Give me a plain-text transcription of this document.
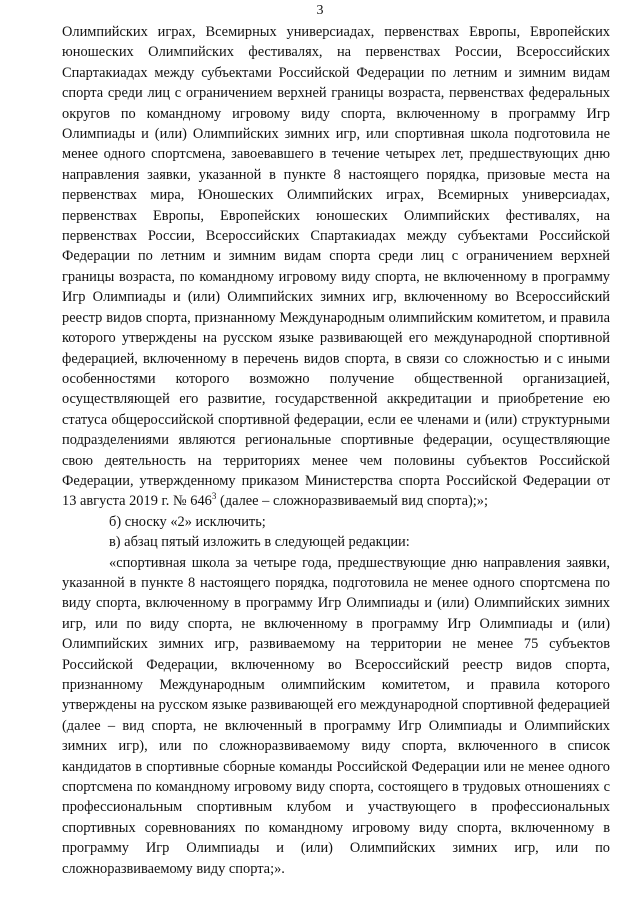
3

Олимпийских играх, Всемирных универсиадах, первенствах Европы, Европейских юношеских Олимпийских фестивалях, на первенствах России, Всероссийских Спартакиадах между субъектами Российской Федерации по летним и зимним видам спорта среди лиц с ограничением верхней границы возраста, первенствах федеральных округов по командному игровому виду спорта, включенному в программу Игр Олимпиады и (или) Олимпийских зимних игр, или спортивная школа подготовила не менее одного спортсмена, завоевавшего в течение четырех лет, предшествующих дню направления заявки, указанной в пункте 8 настоящего порядка, призовые места на первенствах мира, Юношеских Олимпийских играх, Всемирных универсиадах, первенствах Европы, Европейских юношеских Олимпийских фестивалях, на первенствах России, Всероссийских Спартакиадах между субъектами Российской Федерации по летним и зимним видам спорта среди лиц с ограничением верхней границы возраста, по командному игровому виду спорта, не включенному в программу Игр Олимпиады и (или) Олимпийских зимних игр, включенному во Всероссийский реестр видов спорта, признанному Международным олимпийским комитетом, и правила которого утверждены на русском языке развивающей его международной спортивной федерацией, включенному в перечень видов спорта, в связи со сложностью и с иными особенностями которого возможно получение общественной организацией, осуществляющей его развитие, государственной аккредитации и приобретение ею статуса общероссийской спортивной федерации, если ее членами и (или) структурными подразделениями являются региональные спортивные федерации, осуществляющие свою деятельность на территориях менее чем половины субъектов Российской Федерации, утвержденному приказом Министерства спорта Российской Федерации от 13 августа 2019 г. № $646^3$ (далее – сложноразвиваемый вид спорта);»;

б) сноску «2» исключить;

в) абзац пятый изложить в следующей редакции:

«спортивная школа за четыре года, предшествующие дню направления заявки, указанной в пункте 8 настоящего порядка, подготовила не менее одного спортсмена по виду спорта, включенному в программу Игр Олимпиады и (или) Олимпийских зимних игр, или по виду спорта, не включенному в программу Игр Олимпиады и (или) Олимпийских зимних игр, развиваемому на территории не менее 75 субъектов Российской Федерации, включенному во Всероссийский реестр видов спорта, признанному Международным олимпийским комитетом, и правила которого утверждены на русском языке развивающей его международной спортивной федерацией (далее – вид спорта, не включенный в программу Игр Олимпиады и Олимпийских зимних игр), или по сложноразвиваемому виду спорта, включенного в список кандидатов в спортивные сборные команды Российской Федерации или не менее одного спортсмена по командному игровому виду спорта, состоящего в трудовых отношениях с профессиональным спортивным клубом и участвующего в профессиональных спортивных соревнованиях по командному игровому виду спорта, включенному в программу Игр Олимпиады и (или) Олимпийских зимних игр, или по сложноразвиваемому виду спорта;».
